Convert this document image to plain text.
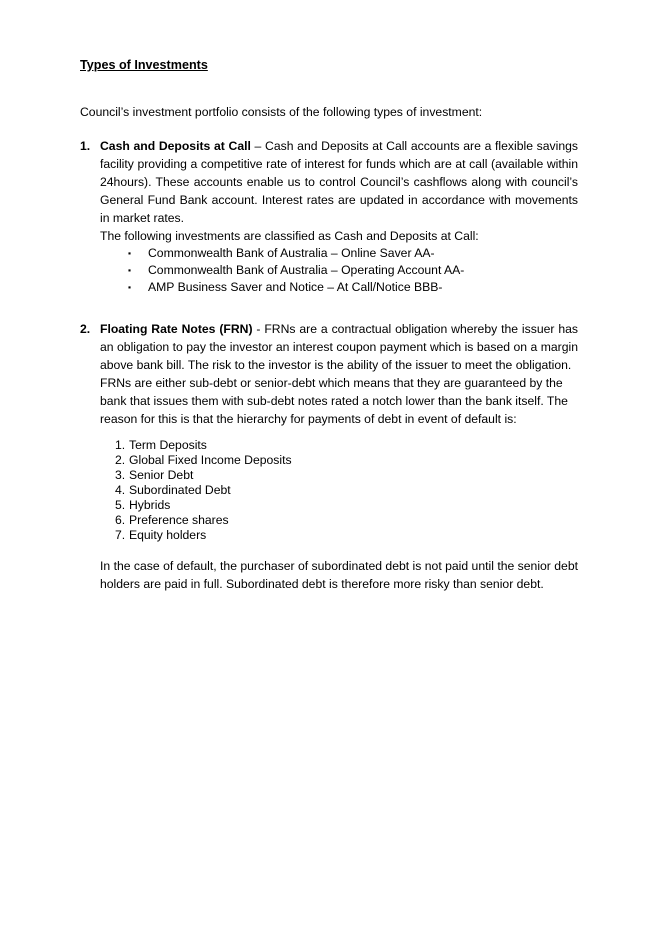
Types of Investments

Council’s investment portfolio consists of the following types of investment:

1. Cash and Deposits at Call – Cash and Deposits at Call accounts are a flexible savings facility providing a competitive rate of interest for funds which are at call (available within 24hours). These accounts enable us to control Council’s cashflows along with council’s General Fund Bank account. Interest rates are updated in accordance with movements in market rates.
The following investments are classified as Cash and Deposits at Call:
▪ Commonwealth Bank of Australia – Online Saver AA-
▪ Commonwealth Bank of Australia – Operating Account AA-
▪ AMP Business Saver and Notice – At Call/Notice BBB-
2. Floating Rate Notes (FRN) - FRNs are a contractual obligation whereby the issuer has an obligation to pay the investor an interest coupon payment which is based on a margin above bank bill. The risk to the investor is the ability of the issuer to meet the obligation.
FRNs are either sub-debt or senior-debt which means that they are guaranteed by the bank that issues them with sub-debt notes rated a notch lower than the bank itself. The reason for this is that the hierarchy for payments of debt in event of default is:
1. Term Deposits
2. Global Fixed Income Deposits
3. Senior Debt
4. Subordinated Debt
5. Hybrids
6. Preference shares
7. Equity holders
In the case of default, the purchaser of subordinated debt is not paid until the senior debt holders are paid in full. Subordinated debt is therefore more risky than senior debt.
